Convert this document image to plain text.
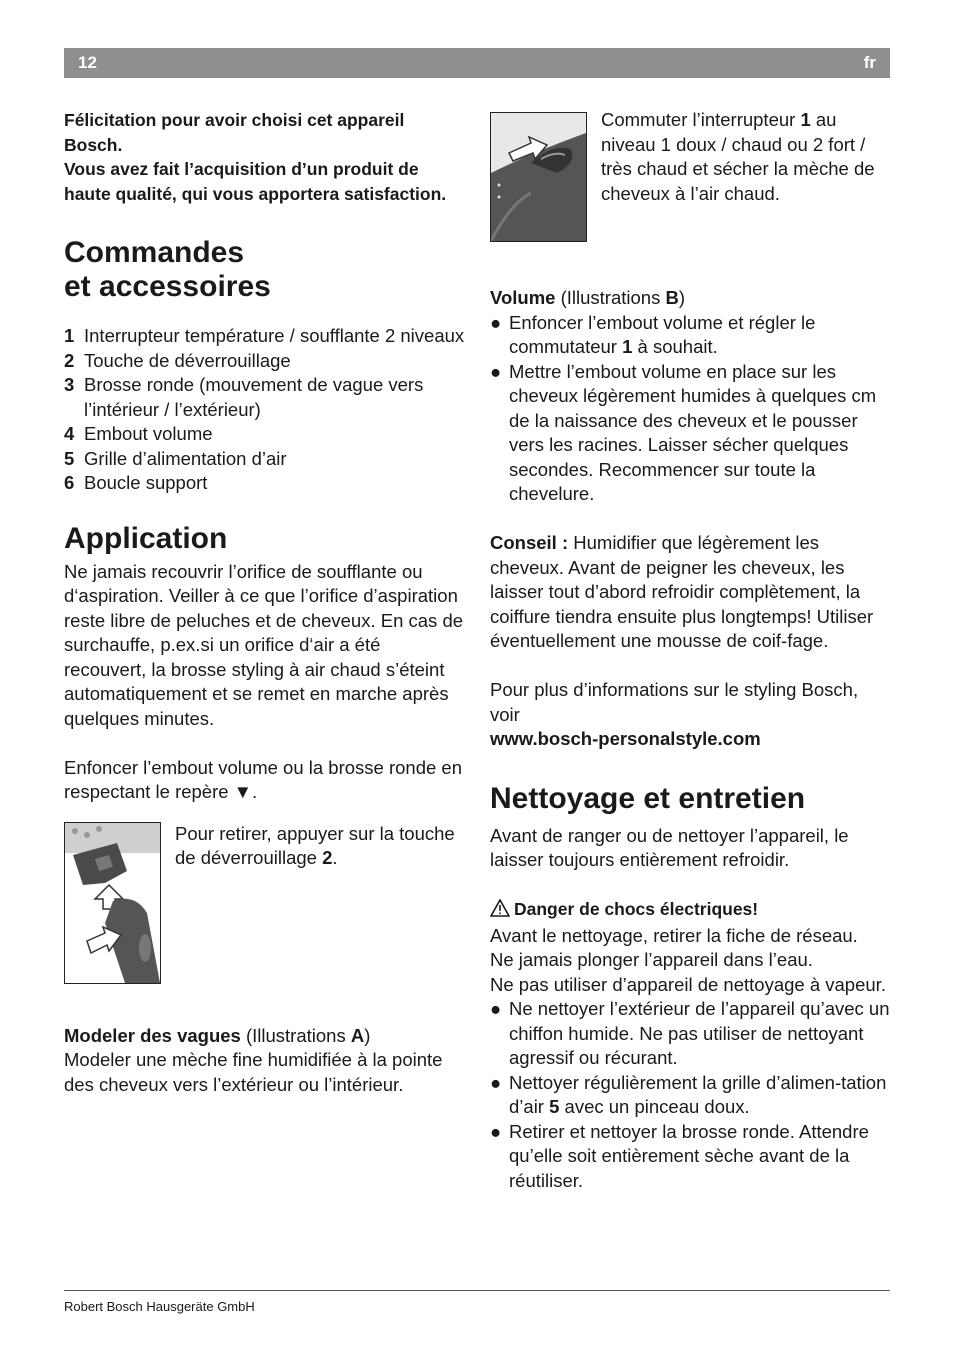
12	fr

Félicitation pour avoir choisi cet appareil Bosch.

Vous avez fait l’acquisition d’un produit de haute qualité, qui vous apportera satisfaction.

Commandes
et accessoires
1 Interrupteur température / soufflante 2 niveaux
2 Touche de déverrouillage
3 Brosse ronde (mouvement de vague vers l’intérieur / l’extérieur)
4 Embout volume
5 Grille d’alimentation d’air
6 Boucle support
Application

Ne jamais recouvrir l’orifice de soufflante ou d‘aspiration. Veiller à ce que l’orifice d’aspiration reste libre de peluches et de cheveux. En cas de surchauffe, p.ex.si un orifice d‘air a été recouvert, la brosse styling à air chaud s’éteint automatiquement et se remet en marche après quelques minutes.

Enfoncer l’embout volume ou la brosse ronde en respectant le repère ▼.

Pour retirer, appuyer sur la touche de déverrouillage 2.

Modeler des vagues (Illustrations A)

Modeler une mèche fine humidifiée à la pointe des cheveux vers l’extérieur ou l’intérieur.

Commuter l’interrupteur 1 au niveau 1 doux / chaud ou 2 fort / très chaud et sécher la mèche de cheveux à l’air chaud.

Volume (Illustrations B)

● Enfoncer l’embout volume et régler le commutateur 1 à souhait.
● Mettre l’embout volume en place sur les cheveux légèrement humides à quelques cm de la naissance des cheveux et le pousser vers les racines. Laisser sécher quelques secondes. Recommencer sur toute la chevelure.

Conseil : Humidifier que légèrement les cheveux. Avant de peigner les cheveux, les laisser tout d’abord refroidir complètement, la coiffure tiendra ensuite plus longtemps! Utiliser éventuellement une mousse de coif-fage.

Pour plus d’informations sur le styling Bosch, voir

www.bosch-personalstyle.com

Nettoyage et entretien

Avant de ranger ou de nettoyer l’appareil, le laisser toujours entièrement refroidir.

Danger de chocs électriques!

Avant le nettoyage, retirer la fiche de réseau.

Ne jamais plonger l’appareil dans l’eau.

Ne pas utiliser d’appareil de nettoyage à vapeur.

● Ne nettoyer l’extérieur de l’appareil qu’avec un chiffon humide. Ne pas utiliser de nettoyant agressif ou récurant.
● Nettoyer régulièrement la grille d’alimen-tation d’air 5 avec un pinceau doux.
● Retirer et nettoyer la brosse ronde. Attendre qu’elle soit entièrement sèche avant de la réutiliser.
Robert Bosch Hausgeräte GmbH
